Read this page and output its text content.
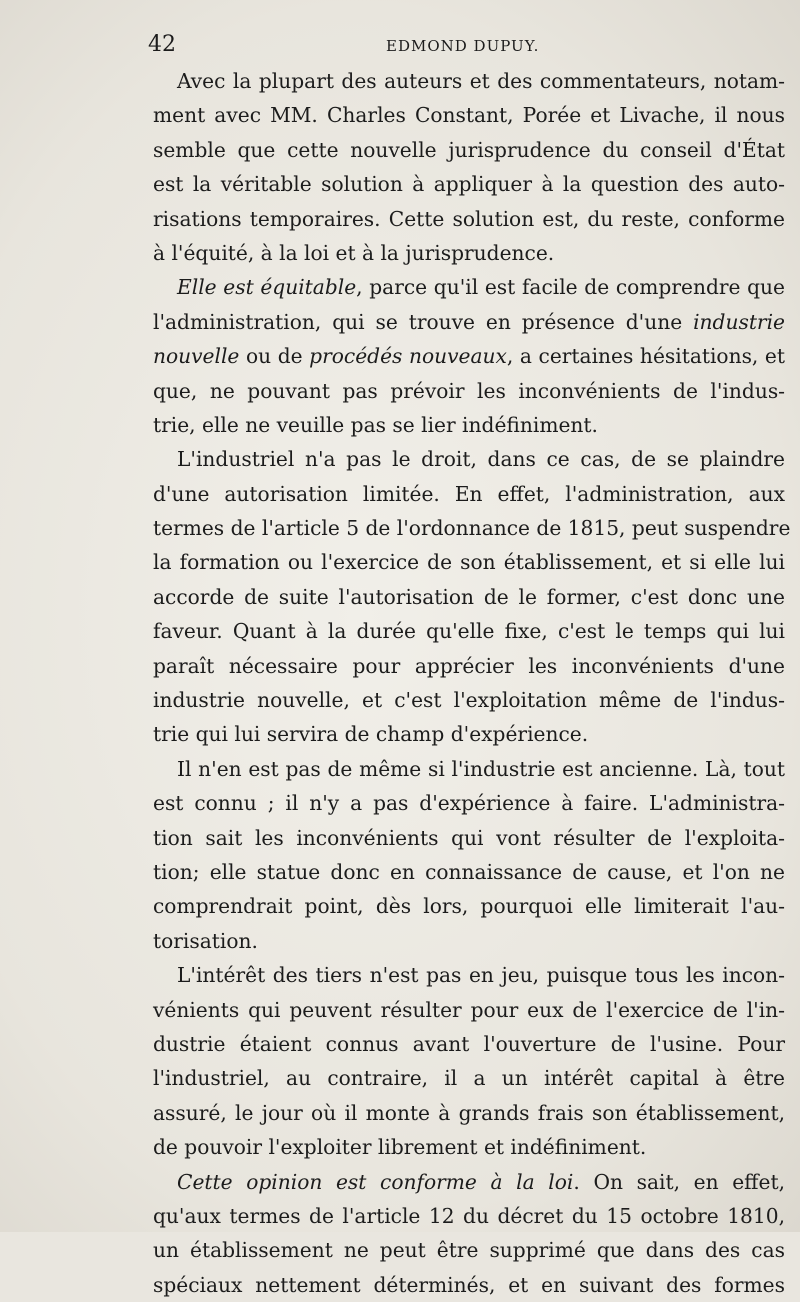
42	EDMOND DUPUY.
Avec la plupart des auteurs et des commentateurs, notam-
ment avec MM. Charles Constant, Porée et Livache, il nous
semble que cette nouvelle jurisprudence du conseil d'État
est la véritable solution à appliquer à la question des auto-
risations temporaires. Cette solution est, du reste, conforme
à l'équité, à la loi et à la jurisprudence.
Elle est équitable, parce qu'il est facile de comprendre que
l'administration, qui se trouve en présence d'une industrie
nouvelle ou de procédés nouveaux, a certaines hésitations, et
que, ne pouvant pas prévoir les inconvénients de l'indus-
trie, elle ne veuille pas se lier indéfiniment.
L'industriel n'a pas le droit, dans ce cas, de se plaindre
d'une autorisation limitée. En effet, l'administration, aux
termes de l'article 5 de l'ordonnance de 1815, peut suspendre
la formation ou l'exercice de son établissement, et si elle lui
accorde de suite l'autorisation de le former, c'est donc une
faveur. Quant à la durée qu'elle fixe, c'est le temps qui lui
paraît nécessaire pour apprécier les inconvénients d'une
industrie nouvelle, et c'est l'exploitation même de l'indus-
trie qui lui servira de champ d'expérience.
Il n'en est pas de même si l'industrie est ancienne. Là, tout
est connu ; il n'y a pas d'expérience à faire. L'administra-
tion sait les inconvénients qui vont résulter de l'exploita-
tion; elle statue donc en connaissance de cause, et l'on ne
comprendrait point, dès lors, pourquoi elle limiterait l'au-
torisation.
L'intérêt des tiers n'est pas en jeu, puisque tous les incon-
vénients qui peuvent résulter pour eux de l'exercice de l'in-
dustrie étaient connus avant l'ouverture de l'usine. Pour
l'industriel, au contraire, il a un intérêt capital à être
assuré, le jour où il monte à grands frais son établissement,
de pouvoir l'exploiter librement et indéfiniment.
Cette opinion est conforme à la loi. On sait, en effet,
qu'aux termes de l'article 12 du décret du 15 octobre 1810,
un établissement ne peut être supprimé que dans des cas
spéciaux nettement déterminés, et en suivant des formes
